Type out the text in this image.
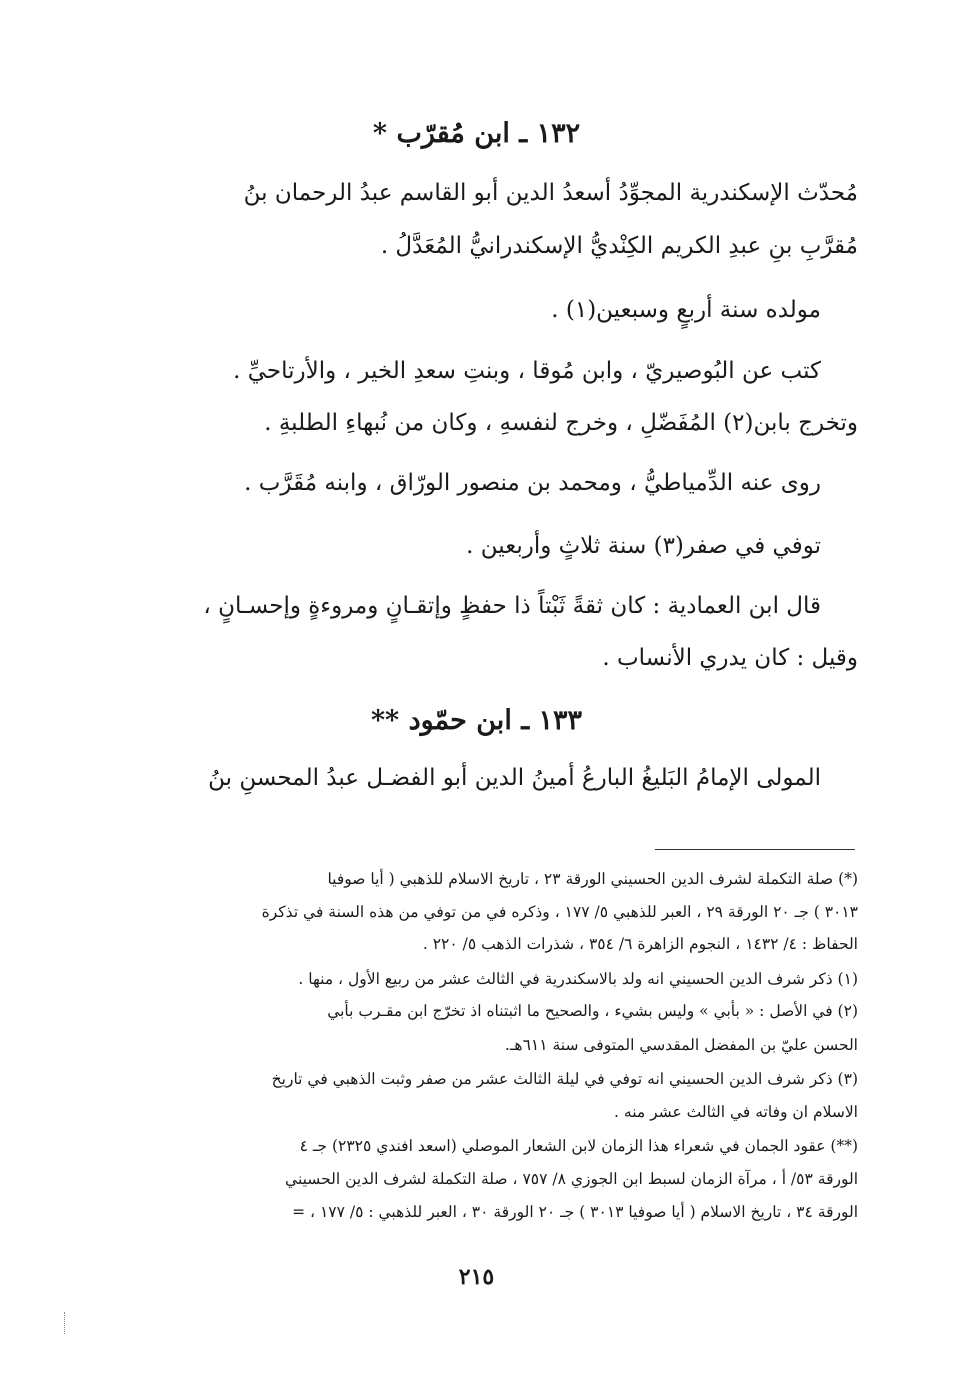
١٣٢ ـ ابن مُقرّب *
مُحدّث الإسكندرية المجوِّدُ أسعدُ الدين أبو القاسم عبدُ الرحمان بنُ
مُقرَّبِ بنِ عبدِ الكريم الكِنْديُّ الإسكندرانيُّ المُعَدَّلُ .
مولده سنة أربعٍ وسبعين(١) .
كتب عن البُوصيريّ ، وابن مُوقا ، وبنتِ سعدِ الخير ، والأرتاحيِّ .
وتخرج بابن(٢) المُفَضّلِ ، وخرج لنفسهِ ، وكان من نُبهاءِ الطلبةِ .
روى عنه الدِّمياطيُّ ، ومحمد بن منصور الورّاق ، وابنه مُقَرَّب .
توفي في صفر(٣) سنة ثلاثٍ وأربعين .
قال ابن العمادية : كان ثقةً ثَبْتاً ذا حفظٍ وإتقـانٍ ومروءةٍ وإحسـانٍ ،
وقيل : كان يدري الأنساب .
١٣٣ ـ ابن حمّود **
المولى الإمامُ البَليغُ البارعُ أمينُ الدين أبو الفضـل عبدُ المحسنِ بنُ
(*) صلة التكملة لشرف الدين الحسيني الورقة ٢٣ ، تاريخ الاسلام للذهبي ( أيا صوفيا
٣٠١٣ ) جـ ٢٠ الورقة ٢٩ ، العبر للذهبي ٥/ ١٧٧ ، وذكره في من توفي من هذه السنة في تذكرة
الحفاظ : ٤/ ١٤٣٢ ، النجوم الزاهرة ٦/ ٣٥٤ ، شذرات الذهب ٥/ ٢٢٠ .
(١) ذكر شرف الدين الحسيني انه ولد بالاسكندرية في الثالث عشر من ربيع الأول ، منها .
(٢) في الأصل : « بأبي » وليس بشيء ، والصحيح ما اثبتناه اذ تخرّج ابن مقـرب بأبي
الحسن عليّ بن المفضل المقدسي المتوفى سنة ٦١١هـ.
(٣) ذكر شرف الدين الحسيني انه توفي في ليلة الثالث عشر من صفر وثبت الذهبي في تاريخ
الاسلام ان وفاته في الثالث عشر منه .
(**) عقود الجمان في شعراء هذا الزمان لابن الشعار الموصلي (اسعد افندي ٢٣٢٥) جـ ٤
الورقة ٥٣/ أ ، مرآة الزمان لسبط ابن الجوزي ٨/ ٧٥٧ ، صلة التكملة لشرف الدين الحسيني
الورقة ٣٤ ، تاريخ الاسلام ( أيا صوفيا ٣٠١٣ ) جـ ٢٠ الورقة ٣٠ ، العبر للذهبي : ٥/ ١٧٧ ، =
٢١٥
